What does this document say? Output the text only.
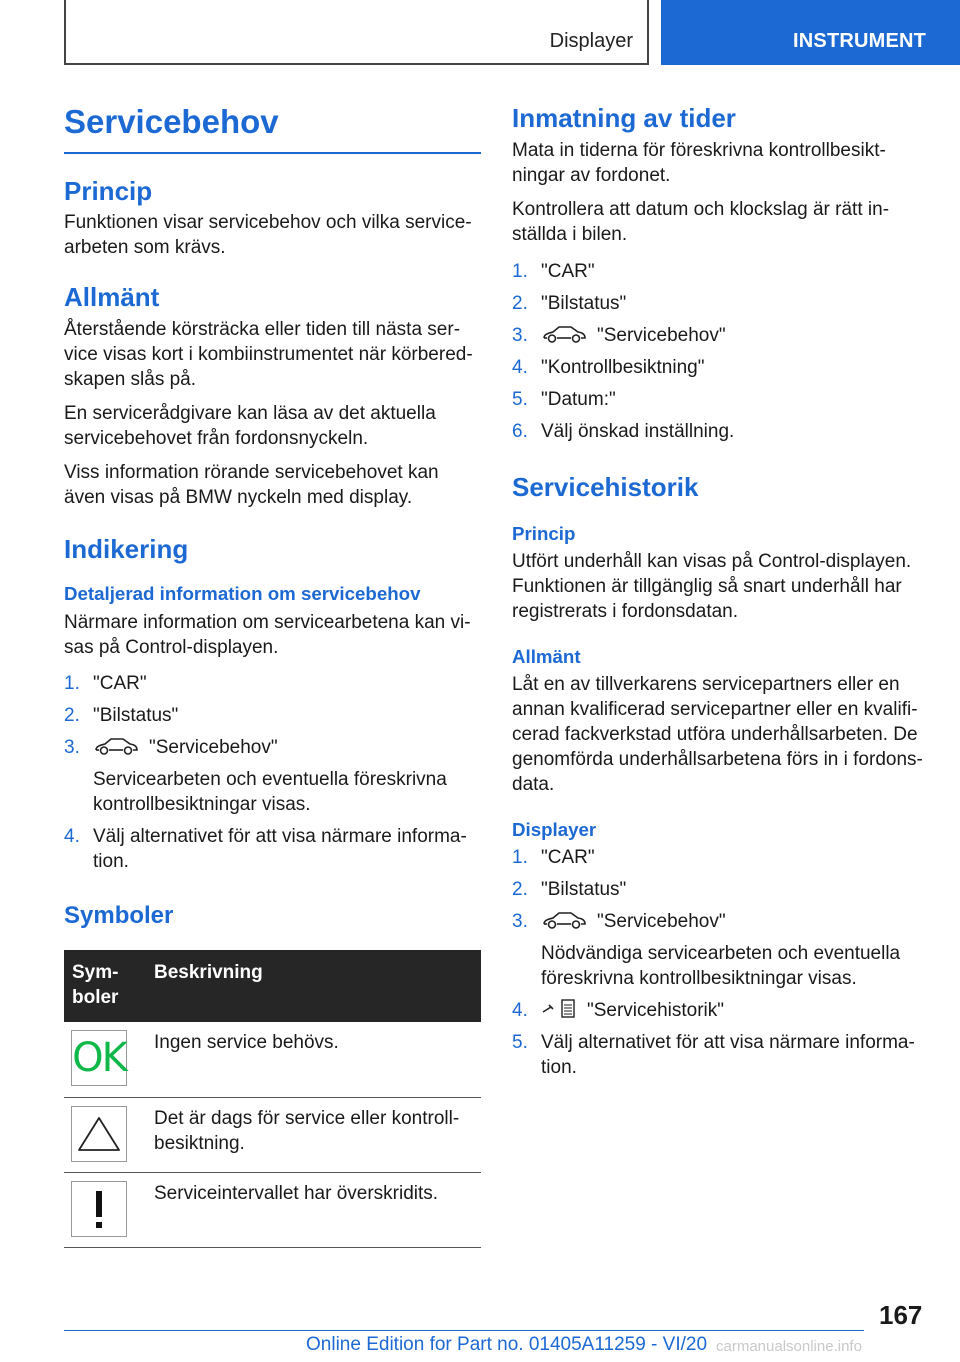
Displayer	INSTRUMENT
Servicebehov
Princip

Funktionen visar servicebehov och vilka servicearbeten som krävs.

Allmänt

Återstående körsträcka eller tiden till nästa service visas kort i kombiinstrumentet när körberedskapen slås på.

En servicerådgivare kan läsa av det aktuella servicebehovet från fordonsnyckeln.

Viss information rörande servicebehovet kan även visas på BMW nyckeln med display.

Indikering
Detaljerad information om servicebehov

Närmare information om servicearbetena kan visas på Control-displayen.

1. "CAR"
2. "Bilstatus"
3.	"Servicebehov"
Servicearbeten och eventuella föreskrivna kontrollbesiktningar visas.
4. Välj alternativet för att visa närmare information.
Symboler
Symboler	Beskrivning

OK	Ingen service behövs.

	Det är dags för service eller kontrollbesiktning.

	Serviceintervallet har överskridits.
Inmatning av tider

Mata in tiderna för föreskrivna kontrollbesiktningar av fordonet.

Kontrollera att datum och klockslag är rätt inställda i bilen.

1. "CAR"
2. "Bilstatus"
3.	"Servicebehov"
4. "Kontrollbesiktning"
5. "Datum:"
6. Välj önskad inställning.
Servicehistorik
Princip

Utfört underhåll kan visas på Control-displayen. Funktionen är tillgänglig så snart underhåll har registrerats i fordonsdatan.

Allmänt

Låt en av tillverkarens servicepartners eller en annan kvalificerad servicepartner eller en kvalificerad fackverkstad utföra underhållsarbeten. De genomförda underhållsarbetena förs in i fordonsdata.

Displayer
1. "CAR"
2. "Bilstatus"
3.	"Servicebehov"
Nödvändiga servicearbeten och eventuella föreskrivna kontrollbesiktningar visas.
4.	"Servicehistorik"
5. Välj alternativet för att visa närmare information.
167
Online Edition for Part no. 01405A11259 - VI/20 carmanualsonline.info
